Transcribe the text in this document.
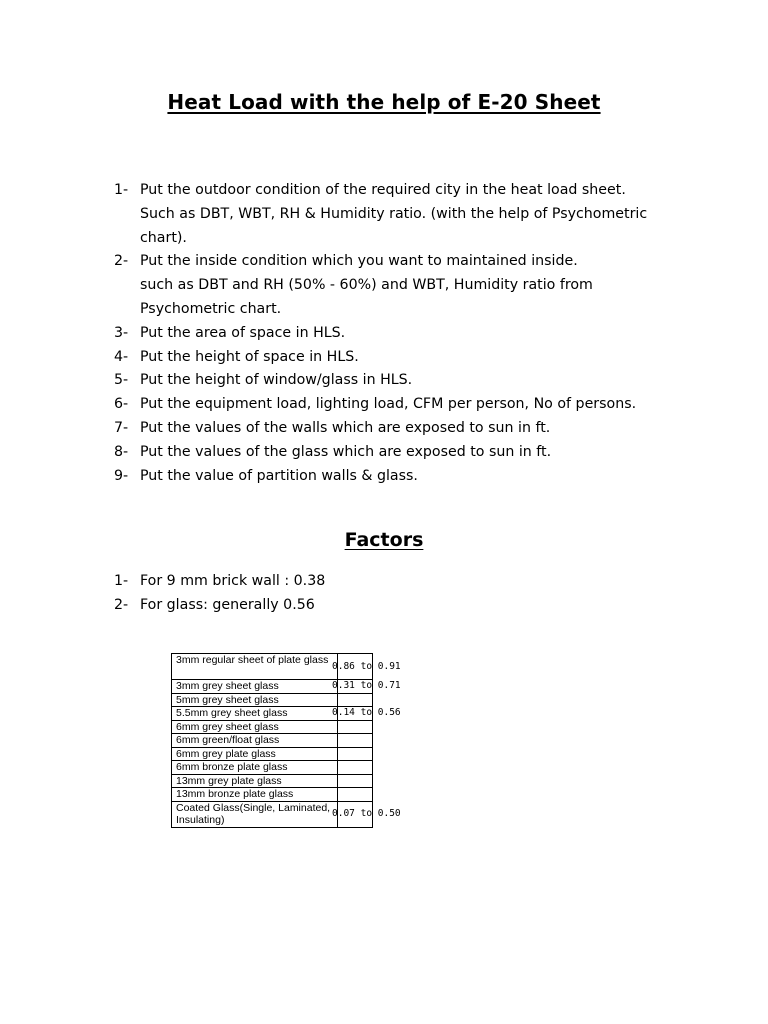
Heat Load with the help of E-20 Sheet
1- Put the outdoor condition of the required city in the heat load sheet.
Such as DBT, WBT, RH & Humidity ratio. (with the help of Psychometric
chart).
2- Put the inside condition which you want to maintained inside.
such as DBT and RH (50% - 60%) and WBT, Humidity ratio from
Psychometric chart.
3- Put the area of space in HLS.
4- Put the height of space in HLS.
5- Put the height of window/glass in HLS.
6- Put the equipment load, lighting load, CFM per person, No of persons.
7- Put the values of the walls which are exposed to sun in ft.
8- Put the values of the glass which are exposed to sun in ft.
9- Put the value of partition walls & glass.
Factors
1- For 9 mm brick wall : 0.38
2- For glass: generally 0.56
3mm regular sheet of plate glass	0.86 to 0.91

3mm grey sheet glass	0.31 to 0.71

5mm grey sheet glass	

5.5mm grey sheet glass	0.14 to 0.56

6mm grey sheet glass	

6mm green/float glass	

6mm grey plate glass	

6mm bronze plate glass	

13mm grey plate glass	

13mm bronze plate glass	

Coated Glass(Single, Laminated, Insulating)	0.07 to 0.50
